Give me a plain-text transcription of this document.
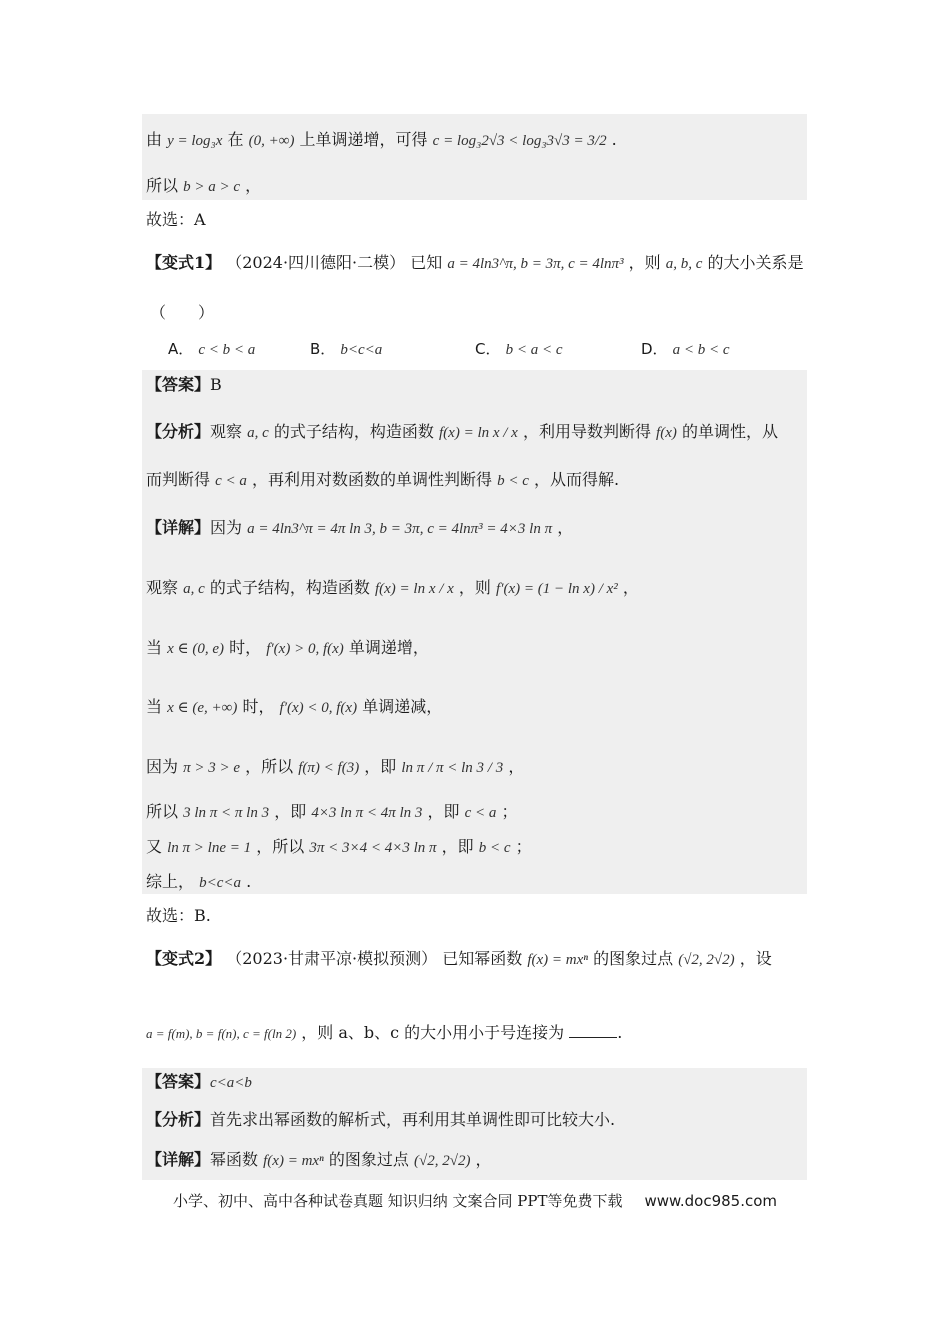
由 y = log₃x 在 (0, +∞) 上单调递增，可得 c = log₃2√3 < log₃3√3 = 3/2 .
所以 b > a > c ，
故选：A
【变式1】 （2024·四川德阳·二模） 已知 a = 4ln3^π, b = 3π, c = 4lnπ³ ，则 a, b, c 的大小关系是
（　　）
A． c < b < a	B． b<c<a	C． b < a < c	D． a < b < c
【答案】B
【分析】观察 a, c 的式子结构，构造函数 f(x) = ln x / x ，利用导数判断得 f(x) 的单调性，从
而判断得 c < a ，再利用对数函数的单调性判断得 b < c ，从而得解.
【详解】因为 a = 4ln3^π = 4π ln 3, b = 3π, c = 4lnπ³ = 4×3 ln π ，
观察 a, c 的式子结构，构造函数 f(x) = ln x / x ，则 f′(x) = (1 − ln x) / x² ，
当 x ∈ (0, e) 时， f′(x) > 0, f(x) 单调递增，
当 x ∈ (e, +∞) 时， f′(x) < 0, f(x) 单调递减，
因为 π > 3 > e ，所以 f(π) < f(3) ，即 ln π / π < ln 3 / 3 ，
所以 3 ln π < π ln 3 ，即 4×3 ln π < 4π ln 3 ，即 c < a ；
又 ln π > lne = 1 ，所以 3π < 3×4 < 4×3 ln π ，即 b < c ；
综上， b<c<a .
故选：B.
【变式2】 （2023·甘肃平凉·模拟预测） 已知幂函数 f(x) = mxⁿ 的图象过点 (√2, 2√2) ，设
a = f(m), b = f(n), c = f(ln 2) ，则 a、b、c 的大小用小于号连接为	.
【答案】c<a<b
【分析】首先求出幂函数的解析式，再利用其单调性即可比较大小.
【详解】幂函数 f(x) = mxⁿ 的图象过点 (√2, 2√2) ，
小学、初中、高中各种试卷真题 知识归纳 文案合同 PPT等免费下载 www.doc985.com
